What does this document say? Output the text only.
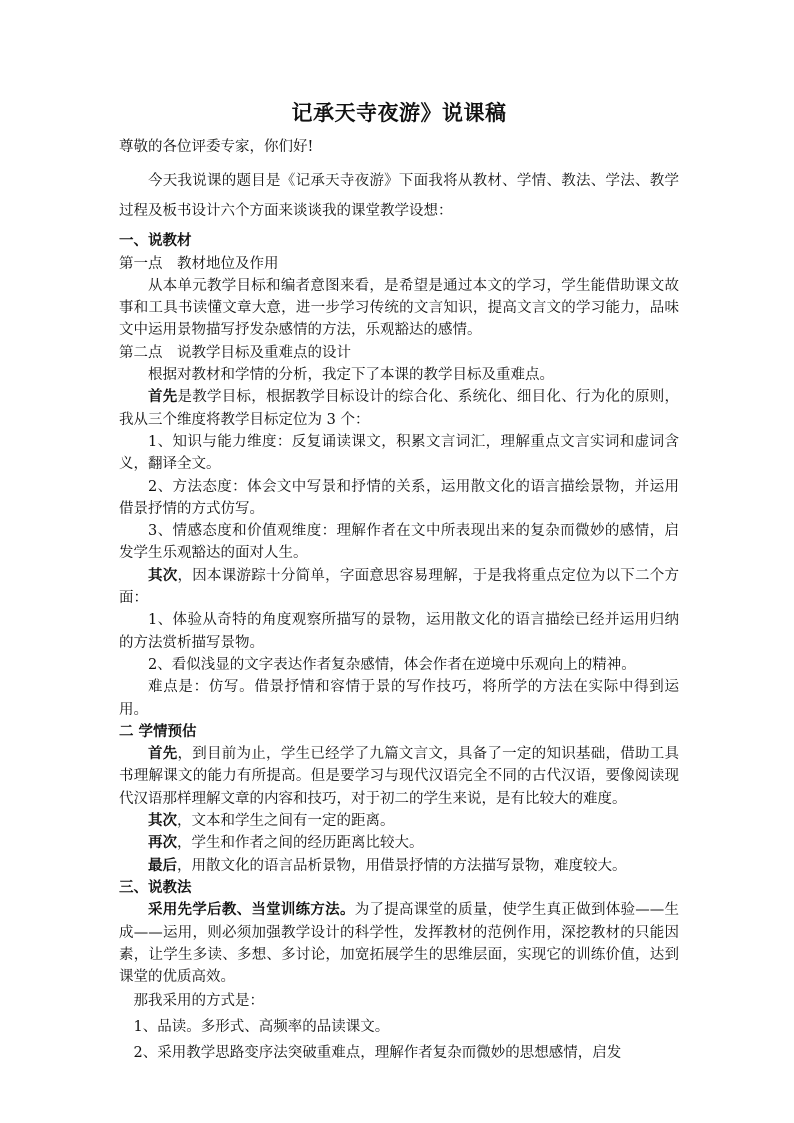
记承天寺夜游》说课稿

尊敬的各位评委专家，你们好!

今天我说课的题目是《记承天寺夜游》下面我将从教材、学情、教法、学法、教学过程及板书设计六个方面来谈谈我的课堂教学设想：

一、说教材

第一点　教材地位及作用

从本单元教学目标和编者意图来看，是希望是通过本文的学习，学生能借助课文故事和工具书读懂文章大意，进一步学习传统的文言知识，提高文言文的学习能力，品味文中运用景物描写抒发杂感情的方法，乐观豁达的感情。

第二点　说教学目标及重难点的设计

根据对教材和学情的分析，我定下了本课的教学目标及重难点。

首先是教学目标，根据教学目标设计的综合化、系统化、细目化、行为化的原则，我从三个维度将教学目标定位为 3 个：

1、知识与能力维度：反复诵读课文，积累文言词汇，理解重点文言实词和虚词含义，翻译全文。

2、方法态度：体会文中写景和抒情的关系，运用散文化的语言描绘景物，并运用借景抒情的方式仿写。

3、情感态度和价值观维度：理解作者在文中所表现出来的复杂而微妙的感情，启发学生乐观豁达的面对人生。

其次，因本课游踪十分简单，字面意思容易理解，于是我将重点定位为以下二个方面：

1、体验从奇特的角度观察所描写的景物，运用散文化的语言描绘已经并运用归纳的方法赏析描写景物。

2、看似浅显的文字表达作者复杂感情，体会作者在逆境中乐观向上的精神。

难点是：仿写。借景抒情和容情于景的写作技巧，将所学的方法在实际中得到运用。

二 学情预估

首先，到目前为止，学生已经学了九篇文言文，具备了一定的知识基础，借助工具书理解课文的能力有所提高。但是要学习与现代汉语完全不同的古代汉语，要像阅读现代汉语那样理解文章的内容和技巧，对于初二的学生来说，是有比较大的难度。

其次，文本和学生之间有一定的距离。

再次，学生和作者之间的经历距离比较大。

最后，用散文化的语言品析景物，用借景抒情的方法描写景物，难度较大。

三、说教法

采用先学后教、当堂训练方法。为了提高课堂的质量，使学生真正做到体验——生成——运用，则必须加强教学设计的科学性，发挥教材的范例作用，深挖教材的只能因素，让学生多读、多想、多讨论，加宽拓展学生的思维层面，实现它的训练价值，达到课堂的优质高效。

那我采用的方式是：

1、品读。多形式、高频率的品读课文。

2、采用教学思路变序法突破重难点，理解作者复杂而微妙的思想感情，启发
